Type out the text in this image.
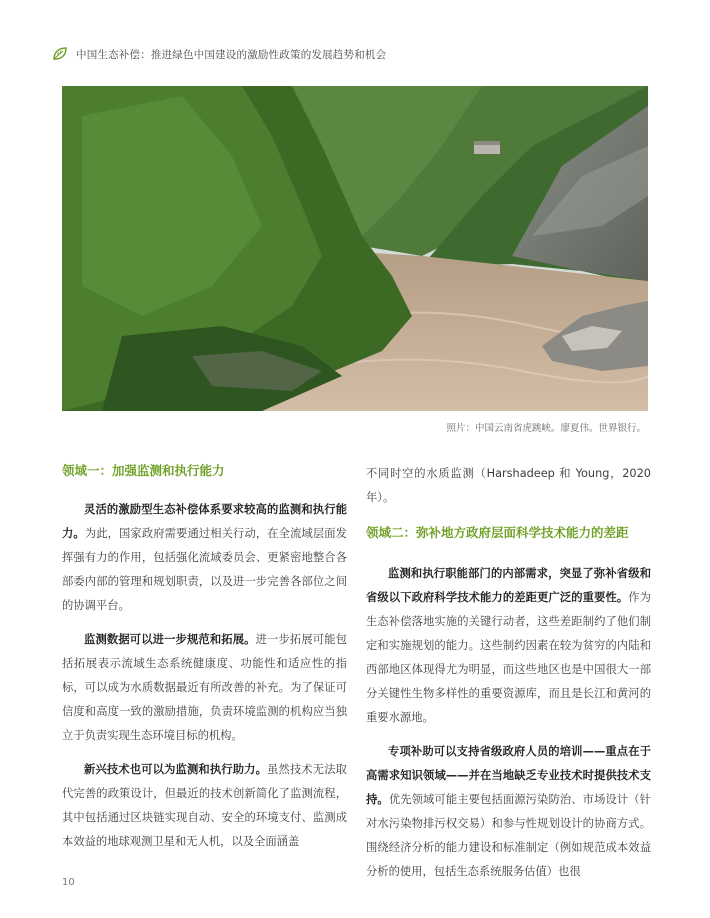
中国生态补偿：推进绿色中国建设的激励性政策的发展趋势和机会
照片：中国云南省虎跳峡。廖夏伟。世界银行。
领域一：加强监测和执行能力

灵活的激励型生态补偿体系要求较高的监测和执行能力。为此，国家政府需要通过相关行动，在全流域层面发挥强有力的作用，包括强化流域委员会、更紧密地整合各部委内部的管理和规划职责，以及进一步完善各部位之间的协调平台。

监测数据可以进一步规范和拓展。进一步拓展可能包括拓展表示流域生态系统健康度、功能性和适应性的指标，可以成为水质数据最近有所改善的补充。为了保证可信度和高度一致的激励措施，负责环境监测的机构应当独立于负责实现生态环境目标的机构。

新兴技术也可以为监测和执行助力。虽然技术无法取代完善的政策设计，但最近的技术创新简化了监测流程，其中包括通过区块链实现自动、安全的环境支付、监测成本效益的地球观测卫星和无人机，以及全面涵盖

不同时空的水质监测（Harshadeep 和 Young，2020 年）。

领域二：弥补地方政府层面科学技术能力的差距

监测和执行职能部门的内部需求，突显了弥补省级和省级以下政府科学技术能力的差距更广泛的重要性。作为生态补偿落地实施的关键行动者，这些差距制约了他们制定和实施规划的能力。这些制约因素在较为贫穷的内陆和西部地区体现得尤为明显，而这些地区也是中国很大一部分关键性生物多样性的重要资源库，而且是长江和黄河的重要水源地。

专项补助可以支持省级政府人员的培训——重点在于高需求知识领域——并在当地缺乏专业技术时提供技术支持。优先领域可能主要包括面源污染防治、市场设计（针对水污染物排污权交易）和参与性规划设计的协商方式。围绕经济分析的能力建设和标准制定（例如规范成本效益分析的使用，包括生态系统服务估值）也很

10
